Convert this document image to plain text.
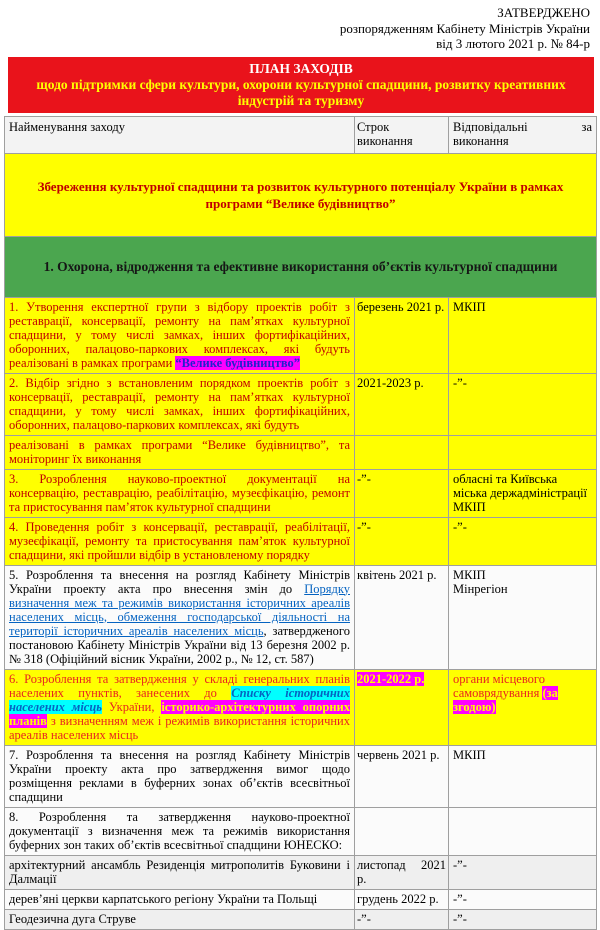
ЗАТВЕРДЖЕНО
розпорядженням Кабінету Міністрів України
від 3 лютого 2021 р. № 84-р
ПЛАН ЗАХОДІВ
щодо підтримки сфери культури, охорони культурної спадщини, розвитку креативних індустрій та туризму
Найменування заходу	Строк виконання	Відповідальні за виконання
Збереження культурної спадщини та розвиток культурного потенціалу України в рамках програми “Велике будівництво”		
1. Охорона, відродження та ефективне використання об’єктів культурної спадщини		
1. Утворення експертної групи з відбору проектів робіт з реставрації, консервації, ремонту на пам’ятках культурної спадщини, у тому числі замках, інших фортифікаційних, оборонних, палацово-паркових комплексах, які будуть реалізовані в рамках програми “Велике будівництво”	березень 2021 р.	МКІП
2. Відбір згідно з встановленим порядком проектів робіт з консервації, реставрації, ремонту на пам’ятках культурної спадщини, у тому числі замках, інших фортифікаційних, оборонних, палацово-паркових комплексах, які будуть	2021-2023 р.	-”-
реалізовані в рамках програми “Велике будівництво”, та моніторинг їх виконання		
3. Розроблення науково-проектної документації на консервацію, реставрацію, реабілітацію, музеєфікацію, ремонт та пристосування пам’яток культурної спадщини	-”-	обласні та Київська міська держадміністрації
МКІП

4. Проведення робіт з консервації, реставрації, реабілітації, музеєфікації, ремонту та пристосування пам’яток культурної спадщини, які пройшли відбір в установленому порядку	-”-	-”-
5. Розроблення та внесення на розгляд Кабінету Міністрів України проекту акта про внесення змін до Порядку визначення меж та режимів використання історичних ареалів населених місць, обмеження господарської діяльності на території історичних ареалів населених місць, затвердженого постановою Кабінету Міністрів України від 13 березня 2002 р. № 318 (Офіційний вісник України, 2002 р., № 12, ст. 587)	квітень 2021 р.	МКІП
Мінрегіон

6. Розроблення та затвердження у складі генеральних планів населених пунктів, занесених до Списку історичних населених місць України, історико-архітектурних опорних планів з визначенням меж і режимів використання історичних ареалів населених місць	2021-2022 р.	органи місцевого самоврядування (за згодою)
7. Розроблення та внесення на розгляд Кабінету Міністрів України проекту акта про затвердження вимог щодо розміщення реклами в буферних зонах об’єктів всесвітньої спадщини	червень 2021 р.	МКІП
8. Розроблення та затвердження науково-проектної документації з визначення меж та режимів використання буферних зон таких об’єктів всесвітньої спадщини ЮНЕСКО:		
архітектурний ансамбль Резиденція митрополитів Буковини і Далмації	листопад 2021 р.	-”-
дерев’яні церкви карпатського регіону України та Польщі	грудень 2022 р.	-”-
Геодезична дуга Струве	-”-	-”-
